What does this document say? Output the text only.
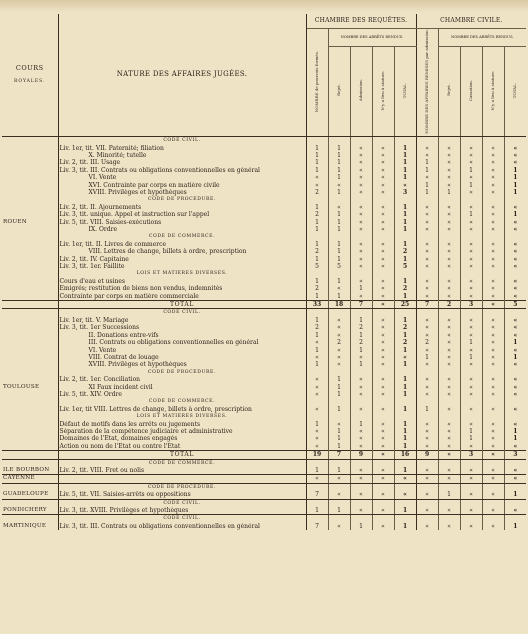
COURS
ROYALES.	NATURE DES AFFAIRES JUGÉES.	CHAMBRE DES REQUÊTES.					CHAMBRE CIVILE.				
		NOMBRE de pourvois formés.	NOMBRE DES ARRÊTS RENDUS.				NOMBRE DES AFFAIRES REMISES par admission.	NOMBRE DES ARRÊTS RENDUS.			
			Rejet.	Admission.	N'y a lieu à statuer.	TOTAL.		Rejet.	Cassation.	N'y a lieu à statuer.	TOTAL.
	CODE CIVIL.										
	Liv. 1er, tit. VII. Paternité; filiation	1	1	«	«	1	«	«	«	«	«
	X. Minorité; tutelle	1	1	«	«	1	«	«	«	«	«
	Liv. 2, tit. III. Usage	1	1	«	«	1	1	«	«	«	«
	Liv. 3, tit. III. Contrats ou obligations conventionnelles en général	1	1	«	«	1	1	«	1	«	1
	VI. Vente	«	1	«	«	1	«	«	«	«	1
	XVI. Contrainte par corps en matière civile	«	«	«	«	«	1	«	1	«	1
	XVIII. Privilèges et hypothèques	2	1	«	«	3	1	1	«	«	1
	CODE DE PROCÉDURE.										
	Liv. 2, tit. II. Ajournements	1	«	«	«	1	«	«	«	«	«
	Liv. 3, tit. unique. Appel et instruction sur l'appel	2	1	«	«	1	«	«	1	«	1
ROUEN	Liv. 5, tit. VIII. Saisies-exécutions	1	1	«	«	1	«	«	«	«	«
	IX. Ordre	1	1	«	«	1	«	«	«	«	«
	CODE DE COMMERCE.										
	Liv. 1er, tit. II. Livres de commerce	1	1	«	«	1	«	«	«	«	«
	VIII. Lettres de change, billets à ordre, prescription	2	1	«	«	2	«	«	«	«	«
	Liv. 2, tit. IV. Capitaine	1	1	«	«	1	«	«	«	«	«
	Liv. 3, tit. 1er. Faillite	5	5	«	«	5	«	«	«	«	«
	LOIS ET MATIÈRES DIVERSES.										
	Cours d'eau et usines	1	1	«	«	1	«	«	«	«	«
	Émigrés; restitution de biens non vendus, indemnités	2	«	1	«	2	«	«	«	«	«
	Contrainte par corps en matière commerciale	1	1	«	«	1	«	«	«	«	«
	TOTAL	33	18	7	«	25	7	2	3	«	5
	CODE CIVIL.										
	Liv. 1er, tit. V. Mariage	1	«	1	«	1	«	«	«	«	«
	Liv. 3, tit. 1er Successions	2	«	2	«	2	«	«	«	«	«
	II. Donations entre-vifs	1	«	1	«	1	«	«	«	«	«
	III. Contrats ou obligations conventionnelles en général	«	2	2	«	2	2	«	1	«	1
	VI. Vente	1	«	1	«	1	«	«	«	«	«
	VIII. Contrat de louage	«	«	«	«	«	1	«	1	«	1
	XVIII. Privilèges et hypothèques	1	«	1	«	1	«	«	«	«	«
	CODE DE PROCÉDURE.										
	Liv. 2, tit. 1er. Conciliation	«	1	«	«	1	«	«	«	«	«
TOULOUSE	XI Faux incident civil	«	1	«	«	1	«	«	«	«	«
	Liv. 5, tit. XIV. Ordre	«	1	«	«	1	«	«	«	«	«
	CODE DE COMMERCE.										
	Liv. 1er, tit VIII. Lettres de change, billets à ordre, prescription	«	1	«	«	1	1	«	«	«	«
	LOIS ET MATIÈRES DIVERSES.										
	Défaut de motifs dans les arrêts ou jugements	1	«	1	«	1	«	«	«	«	«
	Séparation de la compétence judiciaire et administrative	«	1	«	«	1	«	«	1	«	1
	Domaines de l'État, domaines engagés	«	1	«	«	1	«	«	1	«	1
	Action ou nom de l'État ou contre l'État	«	1	«	«	1	«	«	«	«	«
	TOTAL	19	7	9	«	16	9	«	3	«	3
	CODE DE COMMERCE.										
ILE BOURBON	Liv. 2, tit. VIII. Fret ou nolis	1	1	«	«	1	«	«	«	«	«
CAYENNE		«	«	«	«	«	«	«	«	«	«
	CODE DE PROCÉDURE.										
GUADELOUPE	Liv. 5, tit. VII. Saisies-arrêts ou oppositions	7	«	«	«	«	«	1	«	«	1
	CODE CIVIL.										
PONDICHÉRY	Liv. 3, tit. XVIII. Privilèges et hypothèques	1	1	«	«	1	«	«	«	«	«
	CODE CIVIL.										
MARTINIQUE	Liv. 3, tit. III. Contrats ou obligations conventionnelles en général	7	«	1	«	1	«	«	«	«	1
